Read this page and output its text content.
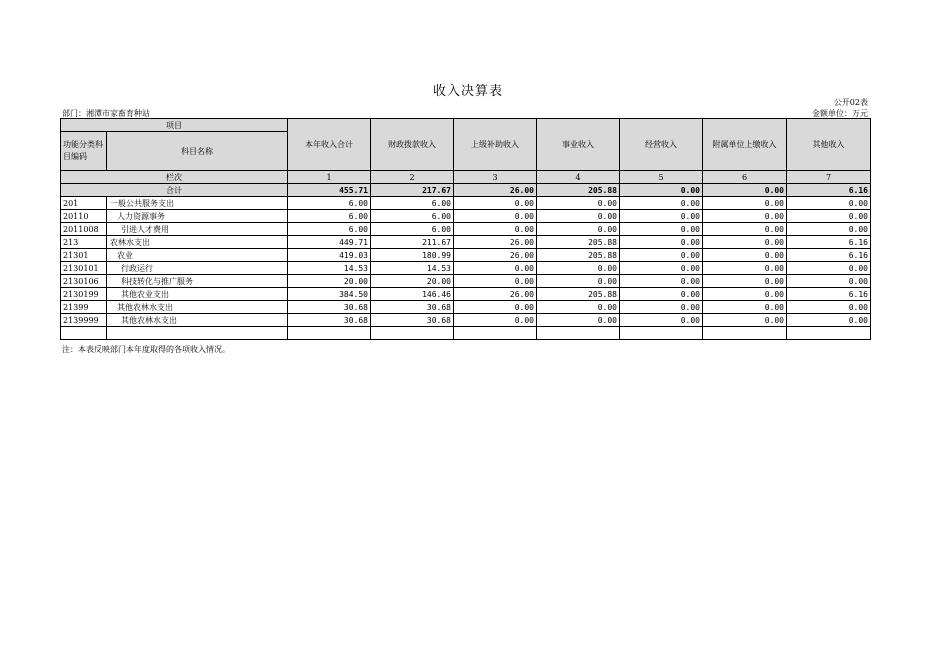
收入决算表
公开02表
部门：湘潭市家畜育种站	金额单位：万元
项目		本年收入合计	财政拨款收入	上级补助收入	事业收入	经营收入	附属单位上缴收入	其他收入
功能分类科目编码	科目名称							

栏次		1	2	3	4	5	6	7
合计		455.71	217.67	26.00	205.88	0.00	0.00	6.16
201	一般公共服务支出	6.00	6.00	0.00	0.00	0.00	0.00	0.00
20110	人力资源事务	6.00	6.00	0.00	0.00	0.00	0.00	0.00
2011008	引进人才费用	6.00	6.00	0.00	0.00	0.00	0.00	0.00
213	农林水支出	449.71	211.67	26.00	205.88	0.00	0.00	6.16
21301	农业	419.03	180.99	26.00	205.88	0.00	0.00	6.16
2130101	行政运行	14.53	14.53	0.00	0.00	0.00	0.00	0.00
2130106	科技转化与推广服务	20.00	20.00	0.00	0.00	0.00	0.00	0.00
2130199	其他农业支出	384.50	146.46	26.00	205.88	0.00	0.00	6.16
21399	其他农林水支出	30.68	30.68	0.00	0.00	0.00	0.00	0.00
2139999	其他农林水支出	30.68	30.68	0.00	0.00	0.00	0.00	0.00

注：本表反映部门本年度取得的各项收入情况。
